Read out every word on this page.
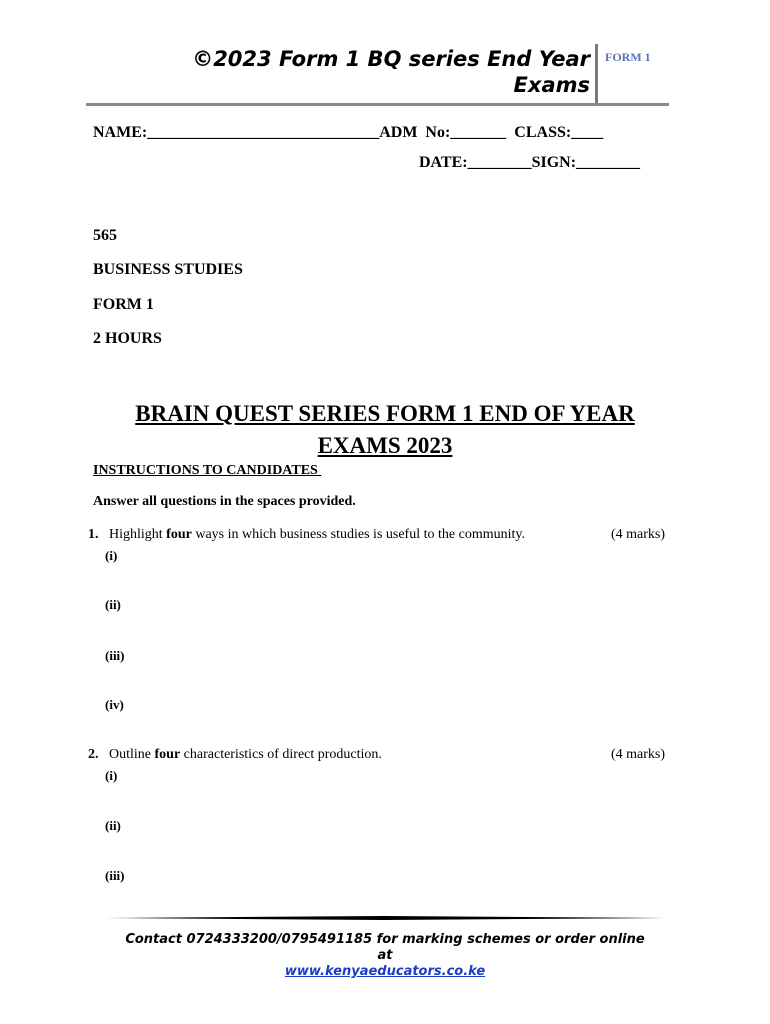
©2023 Form 1 BQ series End Year
Exams
FORM 1
NAME:_____________________________ADM  No:_______  CLASS:____
DATE:________SIGN:________
565
BUSINESS STUDIES
FORM 1
2 HOURS
BRAIN QUEST SERIES FORM 1 END OF YEAR
EXAMS 2023
INSTRUCTIONS TO CANDIDATES
Answer all questions in the spaces provided.
1. Highlight four ways in which business studies is useful to the community.	(4 marks)
(i)
(ii)
(iii)
(iv)
2. Outline four characteristics of direct production.	(4 marks)
(i)
(ii)
(iii)
Contact 0724333200/0795491185 for marking schemes or order online
at
www.kenyaeducators.co.ke
